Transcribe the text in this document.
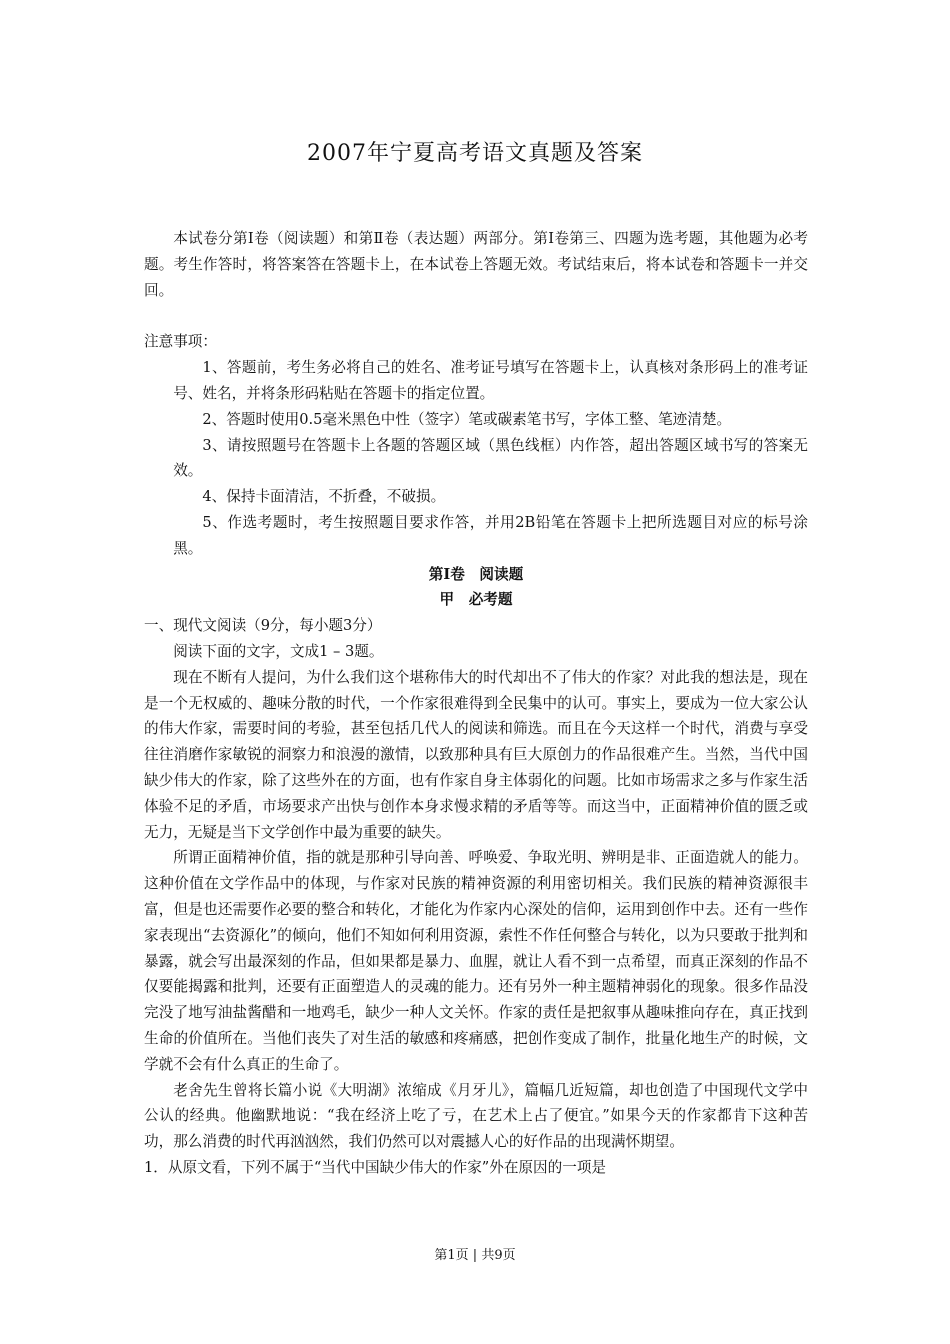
2007年宁夏高考语文真题及答案

本试卷分第Ⅰ卷（阅读题）和第Ⅱ卷（表达题）两部分。第Ⅰ卷第三、四题为选考题，其他题为必考题。考生作答时，将答案答在答题卡上，在本试卷上答题无效。考试结束后，将本试卷和答题卡一并交回。

注意事项：

1、答题前，考生务必将自己的姓名、准考证号填写在答题卡上，认真核对条形码上的准考证号、姓名，并将条形码粘贴在答题卡的指定位置。

2、答题时使用0.5毫米黑色中性（签字）笔或碳素笔书写，字体工整、笔迹清楚。

3、请按照题号在答题卡上各题的答题区域（黑色线框）内作答，超出答题区域书写的答案无效。

4、保持卡面清洁，不折叠，不破损。

5、作选考题时，考生按照题目要求作答，并用2B铅笔在答题卡上把所选题目对应的标号涂黑。

第Ⅰ卷　阅读题

甲　必考题

一、现代文阅读（9分，每小题3分）

阅读下面的文字，文成1 – 3题。

现在不断有人提问，为什么我们这个堪称伟大的时代却出不了伟大的作家？对此我的想法是，现在是一个无权威的、趣味分散的时代，一个作家很难得到全民集中的认可。事实上，要成为一位大家公认的伟大作家，需要时间的考验，甚至包括几代人的阅读和筛选。而且在今天这样一个时代，消费与享受往往消磨作家敏锐的洞察力和浪漫的激情，以致那种具有巨大原创力的作品很难产生。当然，当代中国缺少伟大的作家，除了这些外在的方面，也有作家自身主体弱化的问题。比如市场需求之多与作家生活体验不足的矛盾，市场要求产出快与创作本身求慢求精的矛盾等等。而这当中，正面精神价值的匮乏或无力，无疑是当下文学创作中最为重要的缺失。

所谓正面精神价值，指的就是那种引导向善、呼唤爱、争取光明、辨明是非、正面造就人的能力。这种价值在文学作品中的体现，与作家对民族的精神资源的利用密切相关。我们民族的精神资源很丰富，但是也还需要作必要的整合和转化，才能化为作家内心深处的信仰，运用到创作中去。还有一些作家表现出“去资源化”的倾向，他们不知如何利用资源，索性不作任何整合与转化，以为只要敢于批判和暴露，就会写出最深刻的作品，但如果都是暴力、血腥，就让人看不到一点希望，而真正深刻的作品不仅要能揭露和批判，还要有正面塑造人的灵魂的能力。还有另外一种主题精神弱化的现象。很多作品没完没了地写油盐酱醋和一地鸡毛，缺少一种人文关怀。作家的责任是把叙事从趣味推向存在，真正找到生命的价值所在。当他们丧失了对生活的敏感和疼痛感，把创作变成了制作，批量化地生产的时候，文学就不会有什么真正的生命了。

老舍先生曾将长篇小说《大明湖》浓缩成《月牙儿》，篇幅几近短篇，却也创造了中国现代文学中公认的经典。他幽默地说：“我在经济上吃了亏，在艺术上占了便宜。”如果今天的作家都肯下这种苦功，那么消费的时代再汹汹然，我们仍然可以对震撼人心的好作品的出现满怀期望。

1．从原文看，下列不属于“当代中国缺少伟大的作家”外在原因的一项是

第1页 | 共9页
